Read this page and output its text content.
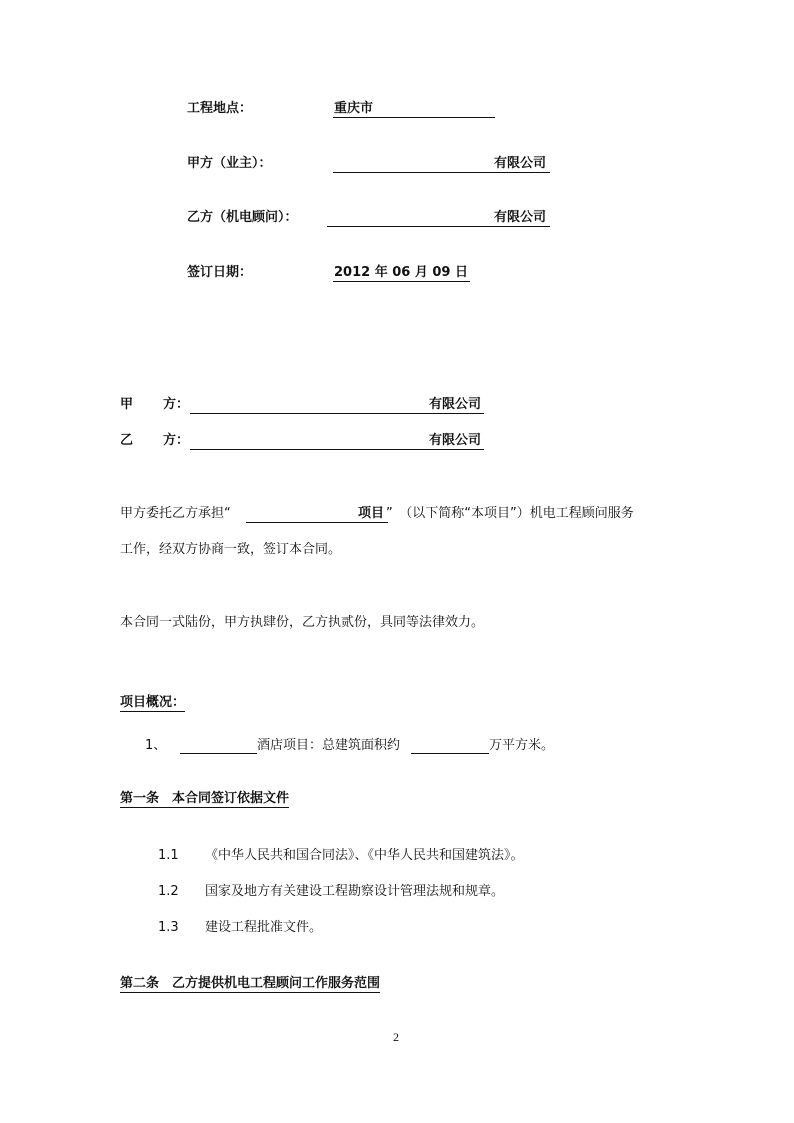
工程地点：	重庆市
甲方（业主）：	有限公司
乙方（机电顾问）：	有限公司
签订日期：	2012 年 06 月 09 日
甲 方：	有限公司
乙 方：	有限公司
甲方委托乙方承担“	项目 ”　（以下简称“本项目”）机电工程顾问服务
工作，经双方协商一致，签订本合同。
本合同一式陆份，甲方执肆份，乙方执贰份，具同等法律效力。
项目概况：
1、	酒店项目：总建筑面积约	万平方米。
第一条　本合同签订依据文件
1.1 《中华人民共和国合同法》、《中华人民共和国建筑法》。
1.2 国家及地方有关建设工程勘察设计管理法规和规章。
1.3 建设工程批准文件。
第二条　乙方提供机电工程顾问工作服务范围
2
